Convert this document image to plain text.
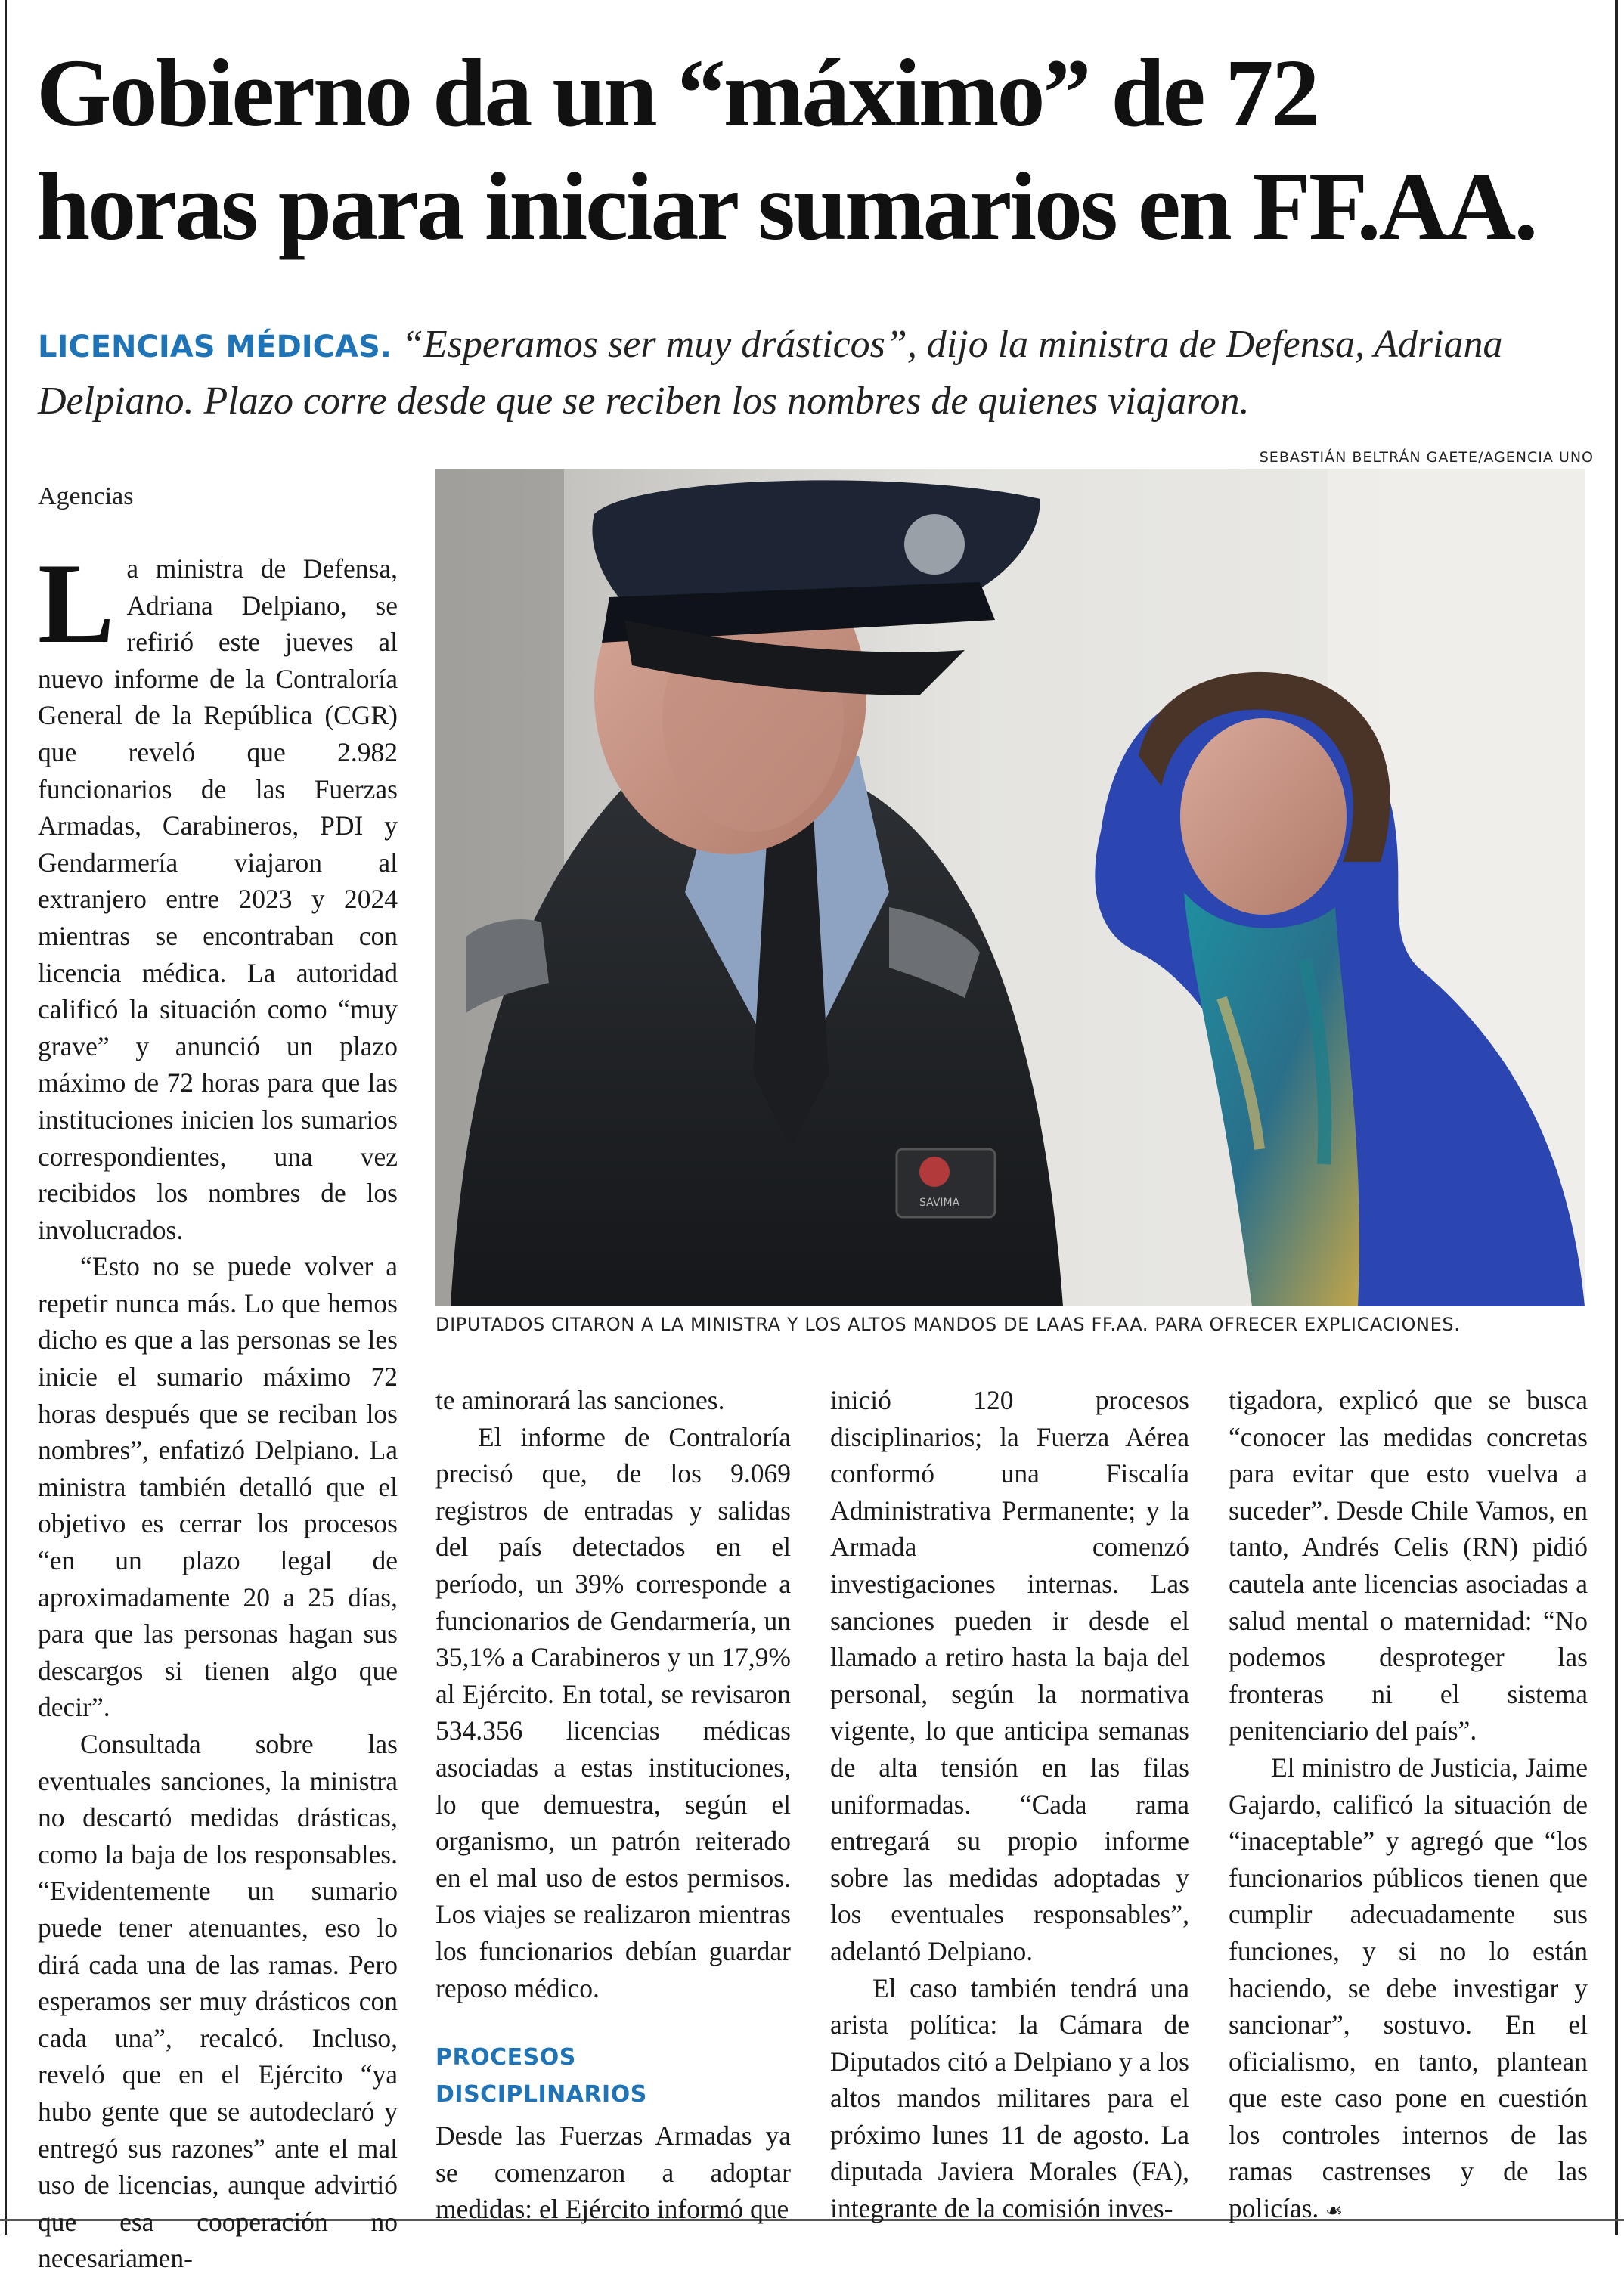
Gobierno da un “máximo” de 72
horas para iniciar sumarios en FF.AA.
LICENCIAS MÉDICAS. “Esperamos ser muy drásticos”, dijo la ministra de Defensa, Adriana Delpiano. Plazo corre desde que se reciben los nombres de quienes viajaron.
SEBASTIÁN BELTRÁN GAETE/AGENCIA UNO
SAVIMA
DIPUTADOS CITARON A LA MINISTRA Y LOS ALTOS MANDOS DE LAAS FF.AA. PARA OFRECER EXPLICACIONES.
Agencias

La ministra de Defensa, Adriana Delpiano, se refirió este jueves al nuevo informe de la Contraloría General de la República (CGR) que reveló que 2.982 funcionarios de las Fuerzas Armadas, Carabineros, PDI y Gendarmería viajaron al extranjero entre 2023 y 2024 mientras se encontraban con licencia médica. La autoridad calificó la situación como “muy grave” y anunció un plazo máximo de 72 horas para que las instituciones inicien los sumarios correspondientes, una vez recibidos los nombres de los involucrados.

“Esto no se puede volver a repetir nunca más. Lo que hemos dicho es que a las personas se les inicie el sumario máximo 72 horas después que se reciban los nombres”, enfatizó Delpiano. La ministra también detalló que el objetivo es cerrar los procesos “en un plazo legal de aproximadamente 20 a 25 días, para que las personas hagan sus descargos si tienen algo que decir”.

Consultada sobre las eventuales sanciones, la ministra no descartó medidas drásticas, como la baja de los responsables. “Evidentemente un sumario puede tener atenuantes, eso lo dirá cada una de las ramas. Pero esperamos ser muy drásticos con cada una”, recalcó. Incluso, reveló que en el Ejército “ya hubo gente que se autodeclaró y entregó sus razones” ante el mal uso de licencias, aunque advirtió que esa cooperación no necesariamen-

te aminorará las sanciones.

El informe de Contraloría precisó que, de los 9.069 registros de entradas y salidas del país detectados en el período, un 39% corresponde a funcionarios de Gendarmería, un 35,1% a Carabineros y un 17,9% al Ejército. En total, se revisaron 534.356 licencias médicas asociadas a estas instituciones, lo que demuestra, según el organismo, un patrón reiterado en el mal uso de estos permisos. Los viajes se realizaron mientras los funcionarios debían guardar reposo médico.

PROCESOS DISCIPLINARIOS

Desde las Fuerzas Armadas ya se comenzaron a adoptar medidas: el Ejército informó que

inició 120 procesos disciplinarios; la Fuerza Aérea conformó una Fiscalía Administrativa Permanente; y la Armada comenzó investigaciones internas. Las sanciones pueden ir desde el llamado a retiro hasta la baja del personal, según la normativa vigente, lo que anticipa semanas de alta tensión en las filas uniformadas. “Cada rama entregará su propio informe sobre las medidas adoptadas y los eventuales responsables”, adelantó Delpiano.

El caso también tendrá una arista política: la Cámara de Diputados citó a Delpiano y a los altos mandos militares para el próximo lunes 11 de agosto. La diputada Javiera Morales (FA), integrante de la comisión inves-

tigadora, explicó que se busca “conocer las medidas concretas para evitar que esto vuelva a suceder”. Desde Chile Vamos, en tanto, Andrés Celis (RN) pidió cautela ante licencias asociadas a salud mental o maternidad: “No podemos desproteger las fronteras ni el sistema penitenciario del país”.

El ministro de Justicia, Jaime Gajardo, calificó la situación de “inaceptable” y agregó que “los funcionarios públicos tienen que cumplir adecuadamente sus funciones, y si no lo están haciendo, se debe investigar y sancionar”, sostuvo. En el oficialismo, en tanto, plantean que este caso pone en cuestión los controles internos de las ramas castrenses y de las policías. ☙
